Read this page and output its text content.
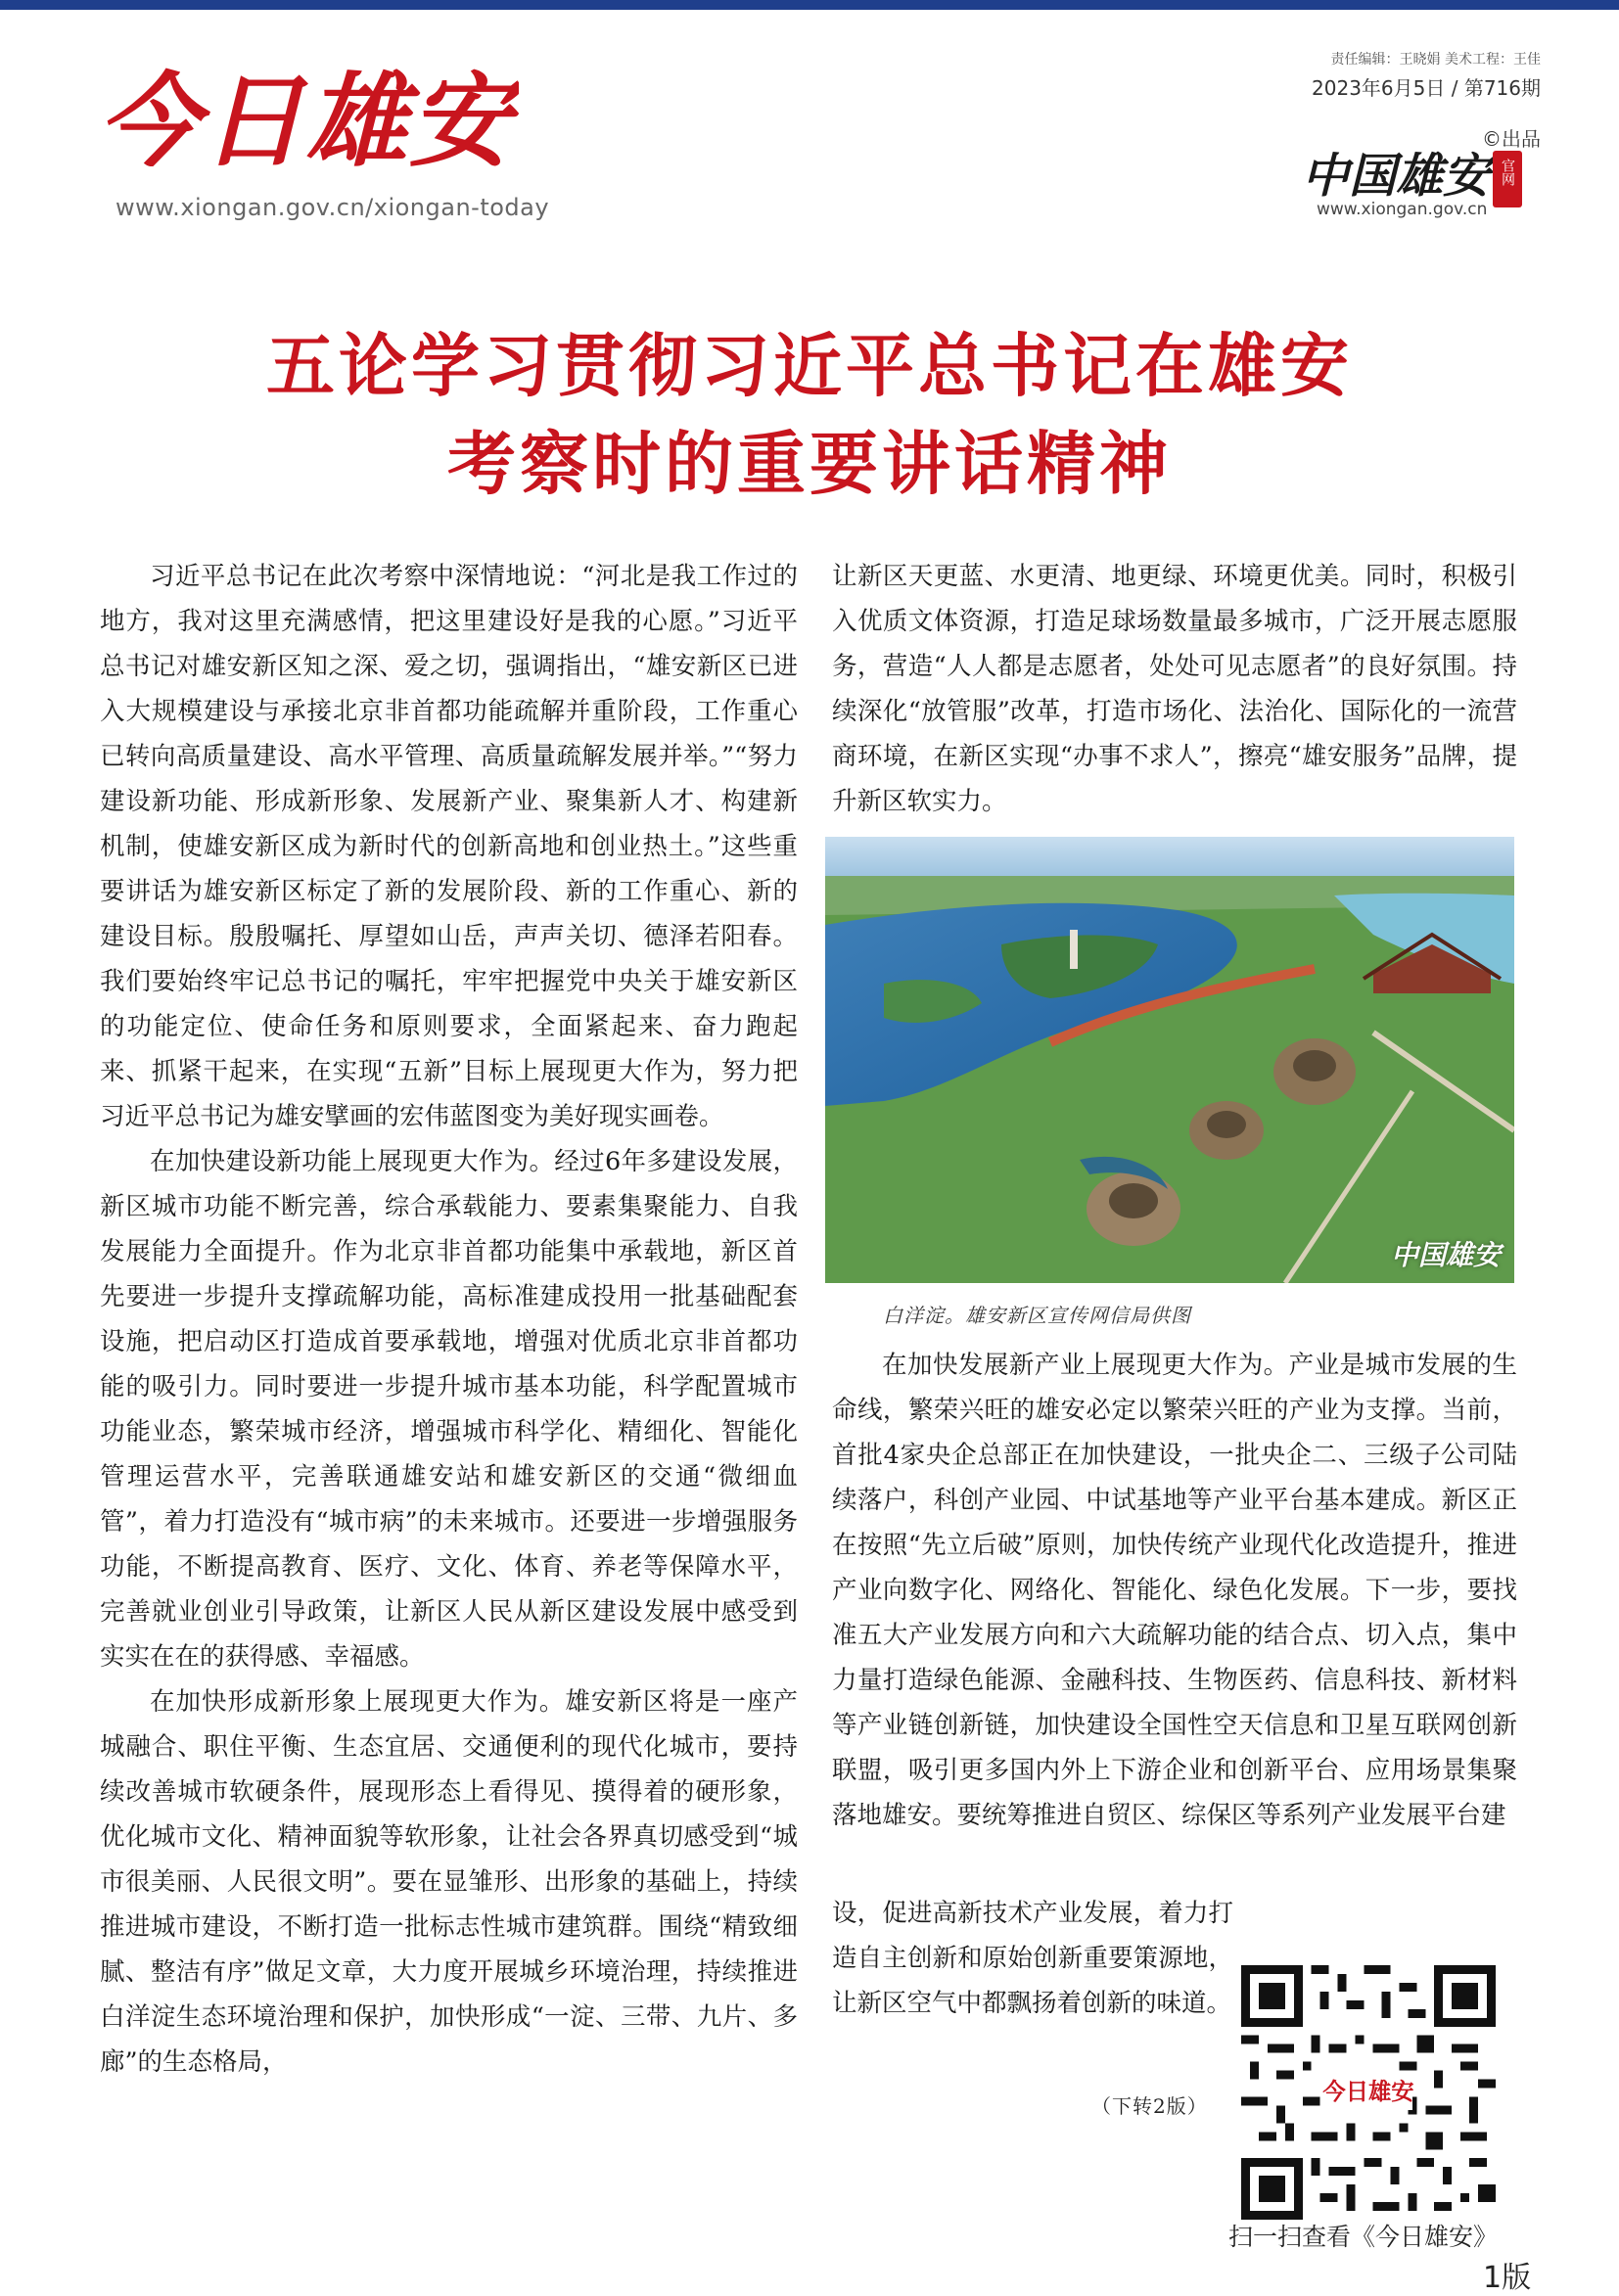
今日雄安
www.xiongan.gov.cn/xiongan-today
责任编辑：王晓娟 美术工程：王佳
2023年6月5日 / 第716期
©出品
中国雄安 官网
www.xiongan.gov.cn
五论学习贯彻习近平总书记在雄安
考察时的重要讲话精神

习近平总书记在此次考察中深情地说：“河北是我工作过的地方，我对这里充满感情，把这里建设好是我的心愿。”习近平总书记对雄安新区知之深、爱之切，强调指出，“雄安新区已进入大规模建设与承接北京非首都功能疏解并重阶段，工作重心已转向高质量建设、高水平管理、高质量疏解发展并举。”“努力建设新功能、形成新形象、发展新产业、聚集新人才、构建新机制，使雄安新区成为新时代的创新高地和创业热土。”这些重要讲话为雄安新区标定了新的发展阶段、新的工作重心、新的建设目标。殷殷嘱托、厚望如山岳，声声关切、德泽若阳春。我们要始终牢记总书记的嘱托，牢牢把握党中央关于雄安新区的功能定位、使命任务和原则要求，全面紧起来、奋力跑起来、抓紧干起来，在实现“五新”目标上展现更大作为，努力把习近平总书记为雄安擘画的宏伟蓝图变为美好现实画卷。

在加快建设新功能上展现更大作为。经过6年多建设发展，新区城市功能不断完善，综合承载能力、要素集聚能力、自我发展能力全面提升。作为北京非首都功能集中承载地，新区首先要进一步提升支撑疏解功能，高标准建成投用一批基础配套设施，把启动区打造成首要承载地，增强对优质北京非首都功能的吸引力。同时要进一步提升城市基本功能，科学配置城市功能业态，繁荣城市经济，增强城市科学化、精细化、智能化管理运营水平，完善联通雄安站和雄安新区的交通“微细血管”，着力打造没有“城市病”的未来城市。还要进一步增强服务功能，不断提高教育、医疗、文化、体育、养老等保障水平，完善就业创业引导政策，让新区人民从新区建设发展中感受到实实在在的获得感、幸福感。

在加快形成新形象上展现更大作为。雄安新区将是一座产城融合、职住平衡、生态宜居、交通便利的现代化城市，要持续改善城市软硬条件，展现形态上看得见、摸得着的硬形象，优化城市文化、精神面貌等软形象，让社会各界真切感受到“城市很美丽、人民很文明”。要在显雏形、出形象的基础上，持续推进城市建设，不断打造一批标志性城市建筑群。围绕“精致细腻、整洁有序”做足文章，大力度开展城乡环境治理，持续推进白洋淀生态环境治理和保护，加快形成“一淀、三带、九片、多廊”的生态格局，

让新区天更蓝、水更清、地更绿、环境更优美。同时，积极引入优质文体资源，打造足球场数量最多城市，广泛开展志愿服务，营造“人人都是志愿者，处处可见志愿者”的良好氛围。持续深化“放管服”改革，打造市场化、法治化、国际化的一流营商环境，在新区实现“办事不求人”，擦亮“雄安服务”品牌，提升新区软实力。

中国雄安
白洋淀。雄安新区宣传网信局供图

在加快发展新产业上展现更大作为。产业是城市发展的生命线，繁荣兴旺的雄安必定以繁荣兴旺的产业为支撑。当前，首批4家央企总部正在加快建设，一批央企二、三级子公司陆续落户，科创产业园、中试基地等产业平台基本建成。新区正在按照“先立后破”原则，加快传统产业现代化改造提升，推进产业向数字化、网络化、智能化、绿色化发展。下一步，要找准五大产业发展方向和六大疏解功能的结合点、切入点，集中力量打造绿色能源、金融科技、生物医药、信息科技、新材料等产业链创新链，加快建设全国性空天信息和卫星互联网创新联盟，吸引更多国内外上下游企业和创新平台、应用场景集聚落地雄安。要统筹推进自贸区、综保区等系列产业发展平台建

设，促进高新技术产业发展，着力打造自主创新和原始创新重要策源地，让新区空气中都飘扬着创新的味道。

（下转2版）
今日雄安
扫一扫查看《今日雄安》
1版
